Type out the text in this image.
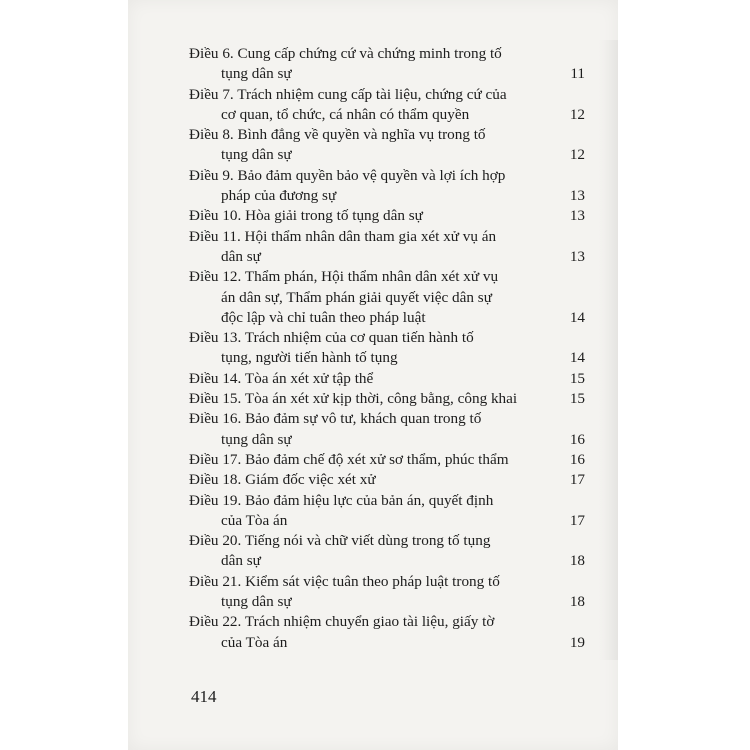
Điều 6. Cung cấp chứng cứ và chứng minh trong tố
tụng dân sự	11
Điều 7. Trách nhiệm cung cấp tài liệu, chứng cứ của
cơ quan, tổ chức, cá nhân có thẩm quyền	12
Điều 8. Bình đẳng về quyền và nghĩa vụ trong tố
tụng dân sự	12
Điều 9. Bảo đảm quyền bảo vệ quyền và lợi ích hợp
pháp của đương sự	13
Điều 10. Hòa giải trong tố tụng dân sự	13
Điều 11. Hội thẩm nhân dân tham gia xét xử vụ án
dân sự	13
Điều 12. Thẩm phán, Hội thẩm nhân dân xét xử vụ
án dân sự, Thẩm phán giải quyết việc dân sự
độc lập và chỉ tuân theo pháp luật	14
Điều 13. Trách nhiệm của cơ quan tiến hành tố
tụng, người tiến hành tố tụng	14
Điều 14. Tòa án xét xử tập thể	15
Điều 15. Tòa án xét xử kịp thời, công bằng, công khai	15
Điều 16. Bảo đảm sự vô tư, khách quan trong tố
tụng dân sự	16
Điều 17. Bảo đảm chế độ xét xử sơ thẩm, phúc thẩm	16
Điều 18. Giám đốc việc xét xử	17
Điều 19. Bảo đảm hiệu lực của bản án, quyết định
của Tòa án	17
Điều 20. Tiếng nói và chữ viết dùng trong tố tụng
dân sự	18
Điều 21. Kiểm sát việc tuân theo pháp luật trong tố
tụng dân sự	18
Điều 22. Trách nhiệm chuyển giao tài liệu, giấy tờ
của Tòa án	19
414
